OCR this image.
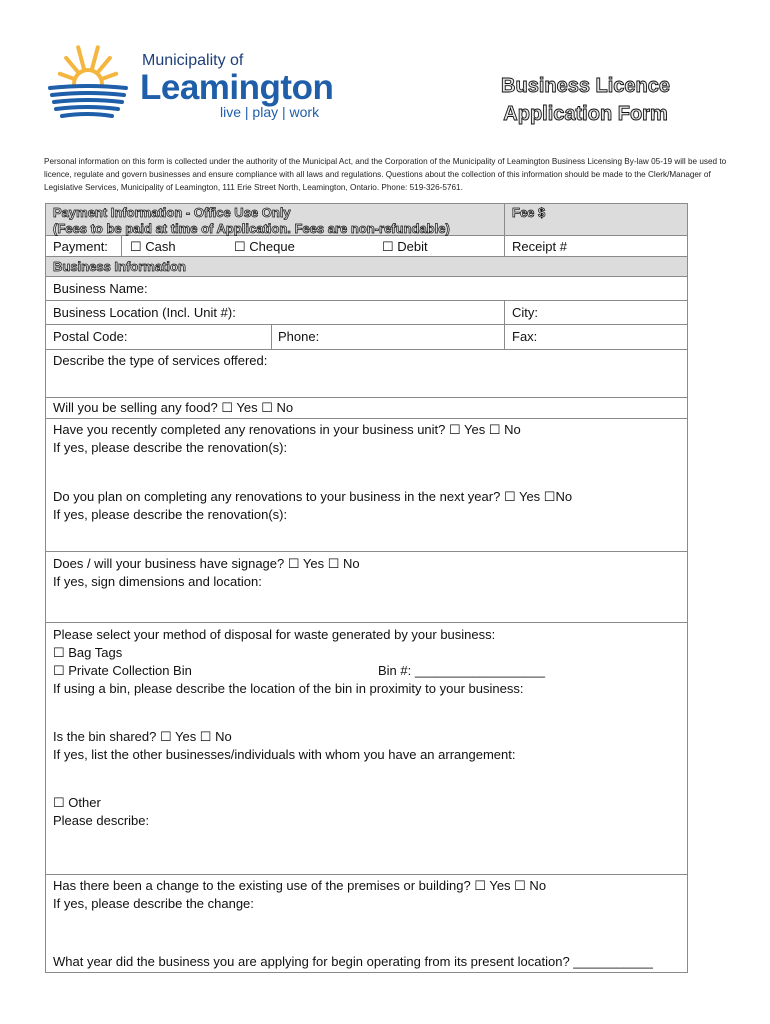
Municipality of
Leamington
live | play | work
Business Licence
Application Form
Personal information on this form is collected under the authority of the Municipal Act, and the Corporation of the Municipality of Leamington Business Licensing By-law 05-19 will be used to licence, regulate and govern businesses and ensure compliance with all laws and regulations. Questions about the collection of this information should be made to the Clerk/Manager of Legislative Services, Municipality of Leamington, 111 Erie Street North, Leamington, Ontario. Phone: 519-326-5761.
Payment Information - Office Use Only
(Fees to be paid at time of Application. Fees are non-refundable)
Fee $
Payment: ☐ Cash	☐ Cheque	☐ Debit	Receipt #
Business Information
Business Name:
Business Location (Incl. Unit #):	City:
Postal Code:	Phone:	Fax:

Describe the type of services offered:

Will you be selling any food? ☐ Yes ☐ No

Have you recently completed any renovations in your business unit? ☐ Yes ☐ No

If yes, please describe the renovation(s):

Do you plan on completing any renovations to your business in the next year? ☐ Yes ☐No

If yes, please describe the renovation(s):

Does / will your business have signage? ☐ Yes ☐ No

If yes, sign dimensions and location:

Please select your method of disposal for waste generated by your business:

☐ Bag Tags

☐ Private Collection Bin	Bin #: __________________

If using a bin, please describe the location of the bin in proximity to your business:

Is the bin shared? ☐ Yes ☐ No

If yes, list the other businesses/individuals with whom you have an arrangement:

☐ Other

Please describe:

Has there been a change to the existing use of the premises or building? ☐ Yes ☐ No

If yes, please describe the change:

What year did the business you are applying for begin operating from its present location? ___________
